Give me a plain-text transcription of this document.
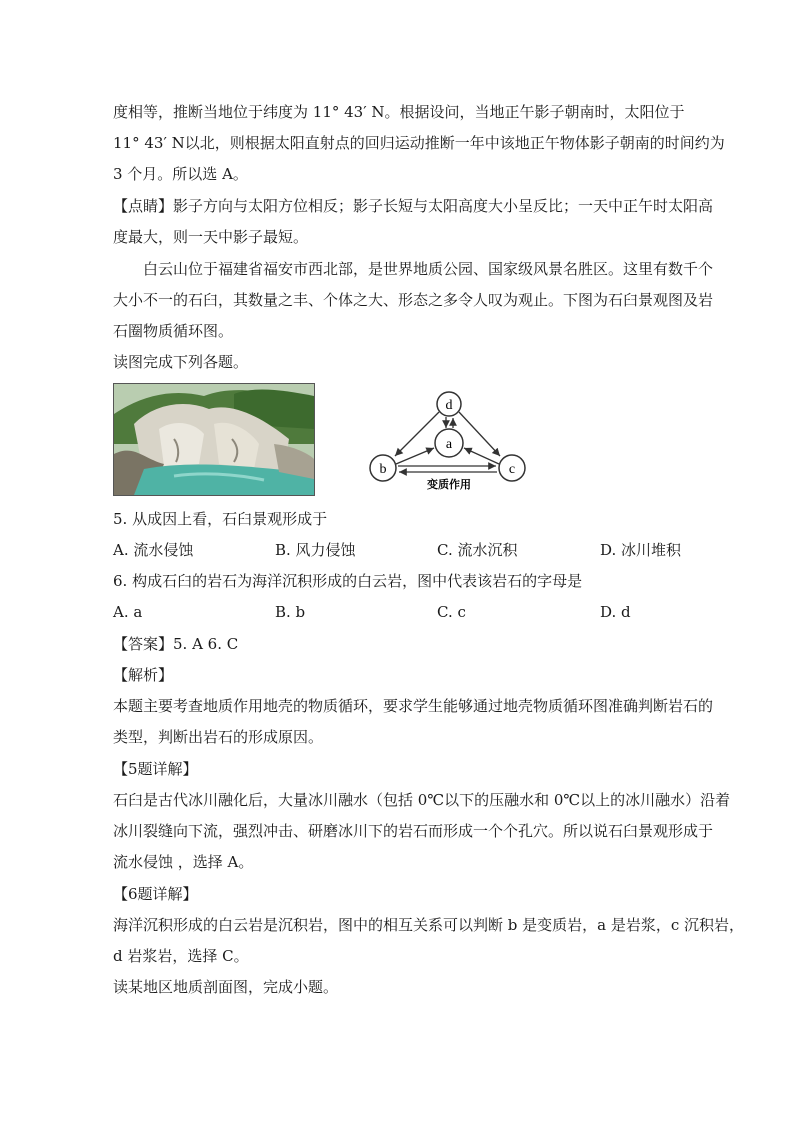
度相等，推断当地位于纬度为 11° 43′ N。根据设问，当地正午影子朝南时，太阳位于
11° 43′ N以北，则根据太阳直射点的回归运动推断一年中该地正午物体影子朝南的时间约为
3 个月。所以选 A。
【点睛】影子方向与太阳方位相反；影子长短与太阳高度大小呈反比；一天中正午时太阳高
度最大，则一天中影子最短。
白云山位于福建省福安市西北部，是世界地质公园、国家级风景名胜区。这里有数千个
大小不一的石臼，其数量之丰、个体之大、形态之多令人叹为观止。下图为石臼景观图及岩
石圈物质循环图。
读图完成下列各题。
d
a
b	c
变质作用
5. 从成因上看，石臼景观形成于
A. 流水侵蚀	B. 风力侵蚀	C. 流水沉积	D. 冰川堆积
6. 构成石臼的岩石为海洋沉积形成的白云岩，图中代表该岩石的字母是
A. a	B. b	C. c	D. d
【答案】5. A 6. C
【解析】
本题主要考查地质作用地壳的物质循环，要求学生能够通过地壳物质循环图准确判断岩石的
类型，判断出岩石的形成原因。
【5题详解】
石臼是古代冰川融化后，大量冰川融水（包括 0℃以下的压融水和 0℃以上的冰川融水）沿着
冰川裂缝向下流，强烈冲击、研磨冰川下的岩石而形成一个个孔穴。所以说石臼景观形成于
流水侵蚀 ，选择 A。
【6题详解】
海洋沉积形成的白云岩是沉积岩，图中的相互关系可以判断 b 是变质岩，a 是岩浆，c 沉积岩，
d 岩浆岩，选择 C。
读某地区地质剖面图，完成小题。
